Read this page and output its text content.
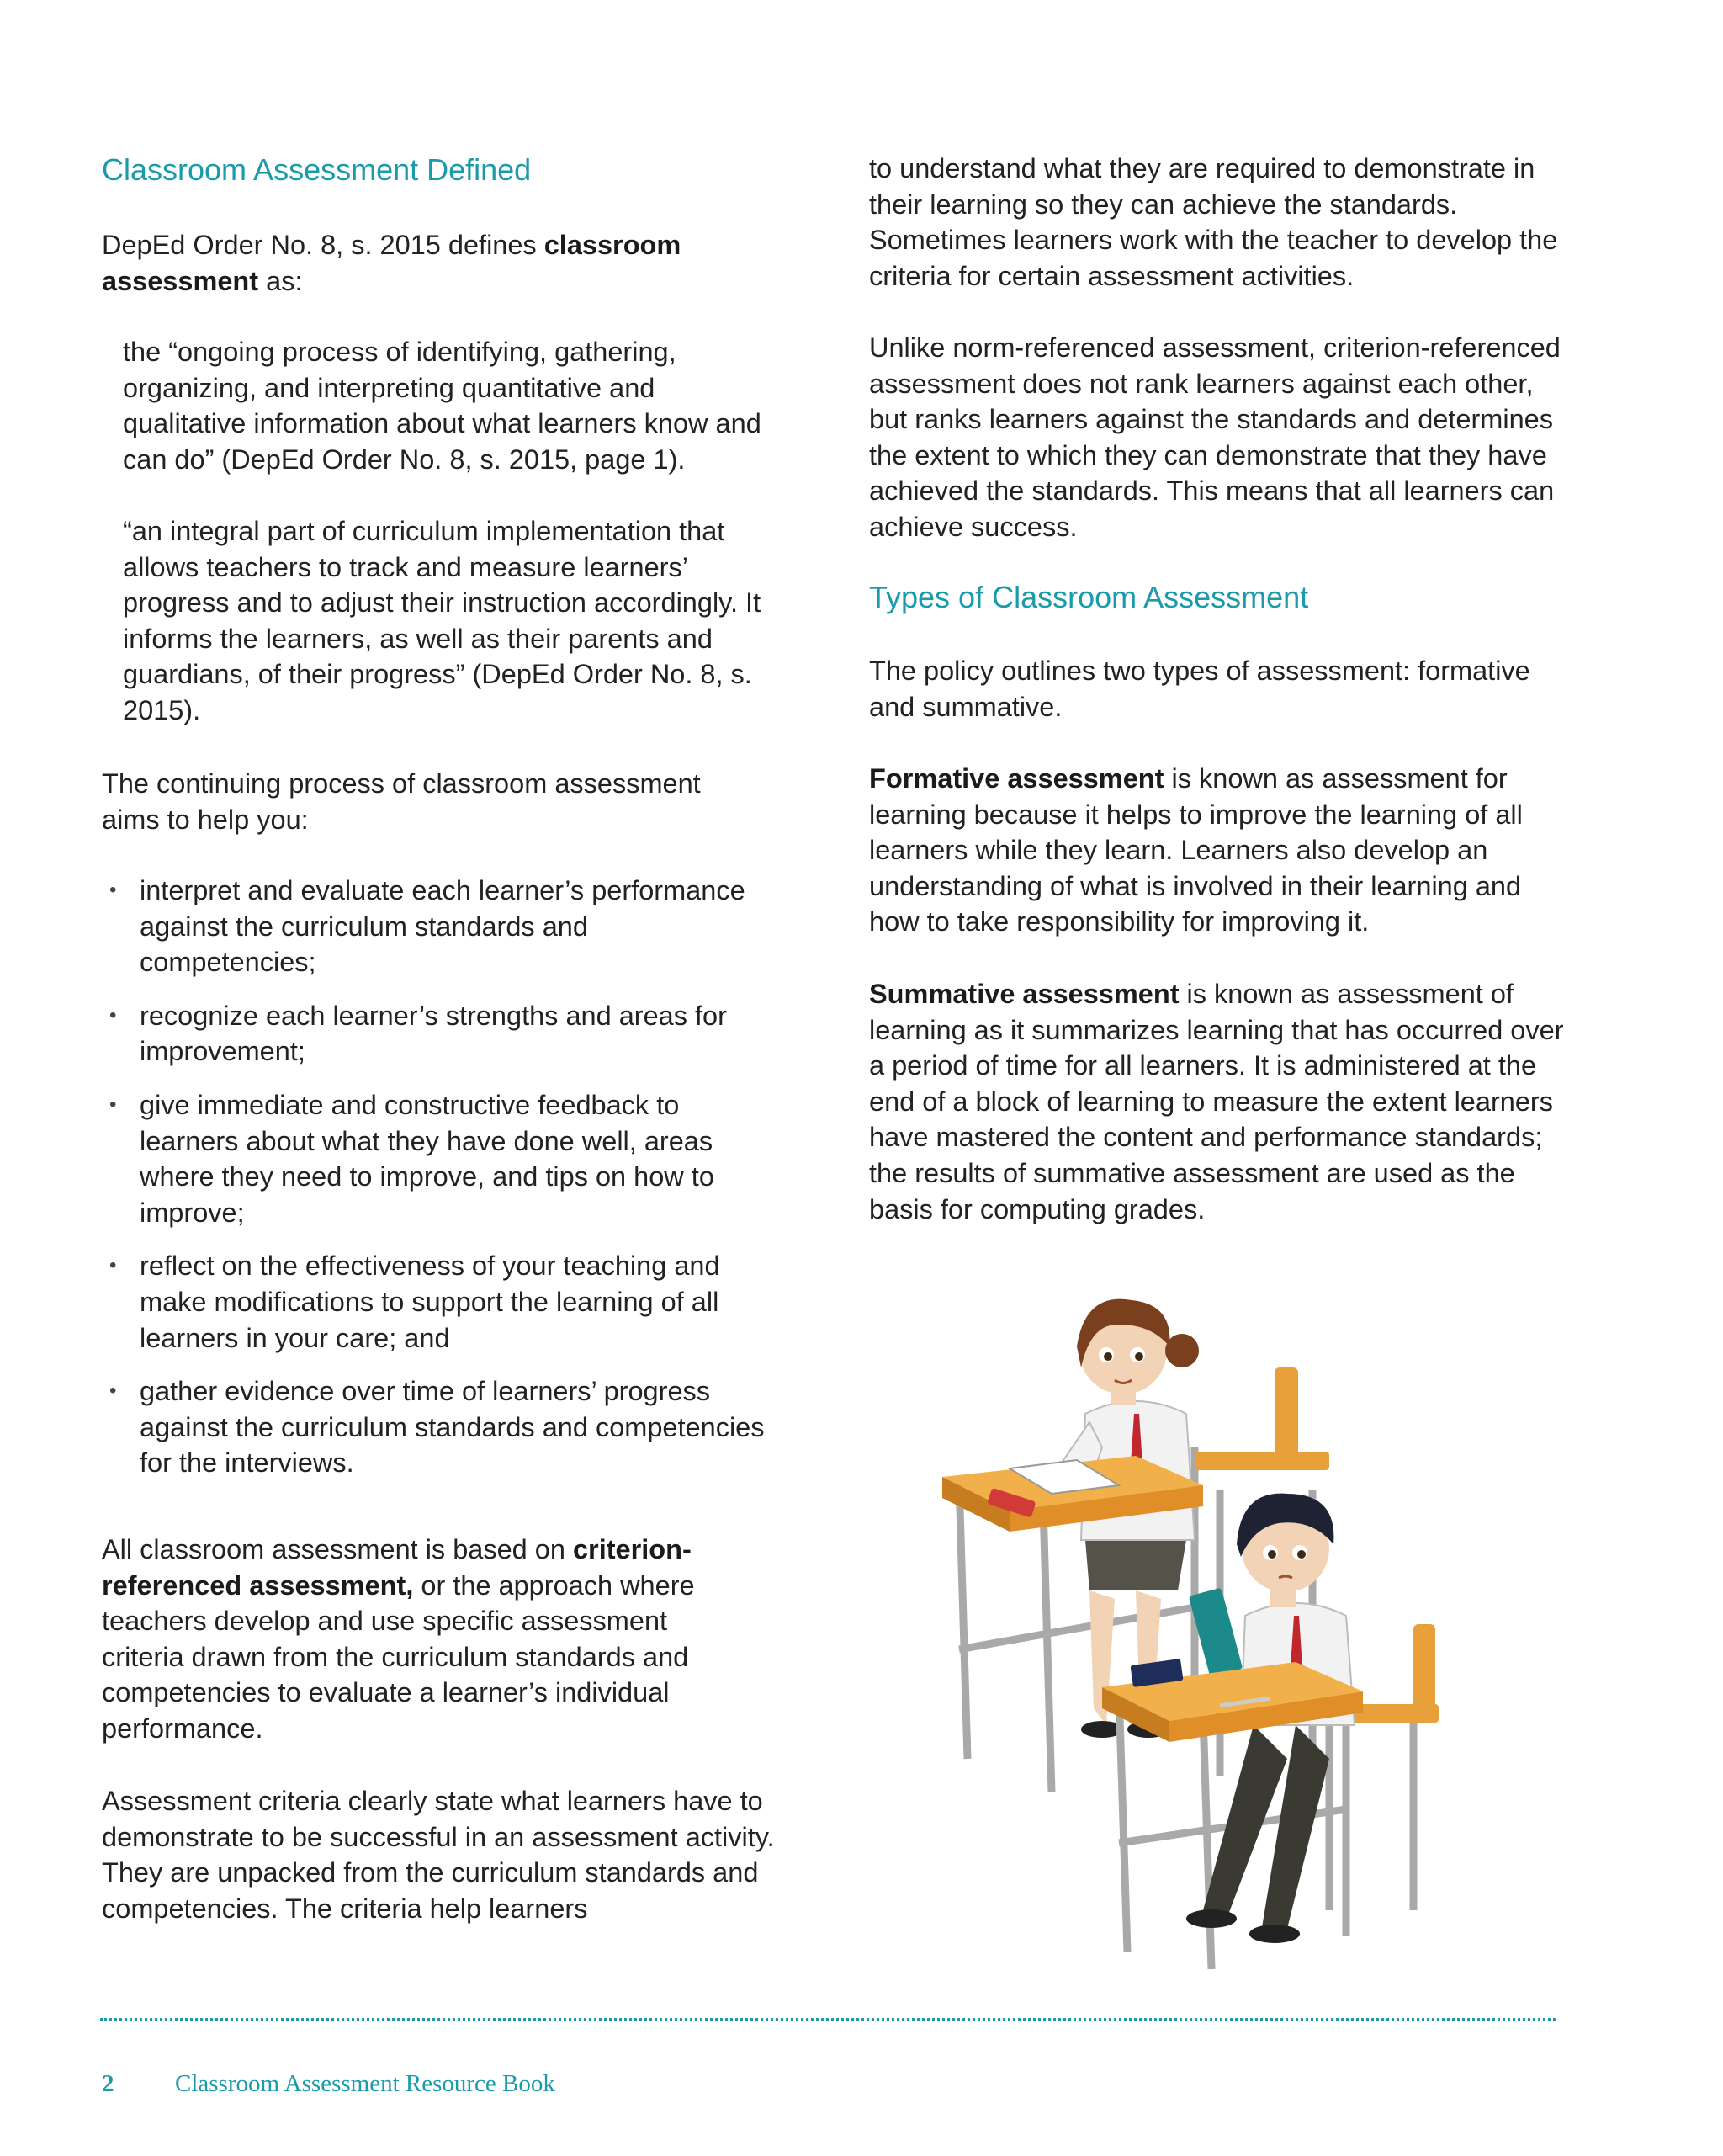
Classroom Assessment Defined

DepEd Order No. 8, s. 2015 defines classroom assessment as:

the “ongoing process of identifying, gathering, organizing, and interpreting quantitative and qualitative information about what learners know and can do” (DepEd Order No. 8, s. 2015, page 1).

“an integral part of curriculum implementation that allows teachers to track and measure learners’ progress and to adjust their instruction accordingly. It informs the learners, as well as their parents and guardians, of their progress” (DepEd Order No. 8, s. 2015).

The continuing process of classroom assessment aims to help you:

• interpret and evaluate each learner’s performance against the curriculum standards and competencies;
• recognize each learner’s strengths and areas for improvement;
• give immediate and constructive feedback to learners about what they have done well, areas where they need to improve, and tips on how to improve;
• reflect on the effectiveness of your teaching and make modifications to support the learning of all learners in your care; and
• gather evidence over time of learners’ progress against the curriculum standards and competencies for the interviews.

All classroom assessment is based on criterion-referenced assessment, or the approach where teachers develop and use specific assessment criteria drawn from the curriculum standards and competencies to evaluate a learner’s individual performance.

Assessment criteria clearly state what learners have to demonstrate to be successful in an assessment activity. They are unpacked from the curriculum standards and competencies. The criteria help learners

to understand what they are required to demonstrate in their learning so they can achieve the standards. Sometimes learners work with the teacher to develop the criteria for certain assessment activities.

Unlike norm-referenced assessment, criterion-referenced assessment does not rank learners against each other, but ranks learners against the standards and determines the extent to which they can demonstrate that they have achieved the standards. This means that all learners can achieve success.

Types of Classroom Assessment

The policy outlines two types of assessment: formative and summative.

Formative assessment is known as assessment for learning because it helps to improve the learning of all learners while they learn. Learners also develop an understanding of what is involved in their learning and how to take responsibility for improving it.

Summative assessment is known as assessment of learning as it summarizes learning that has occurred over a period of time for all learners. It is administered at the end of a block of learning to measure the extent learners have mastered the content and performance standards; the results of summative assessment are used as the basis for computing grades.

2	Classroom Assessment Resource Book
